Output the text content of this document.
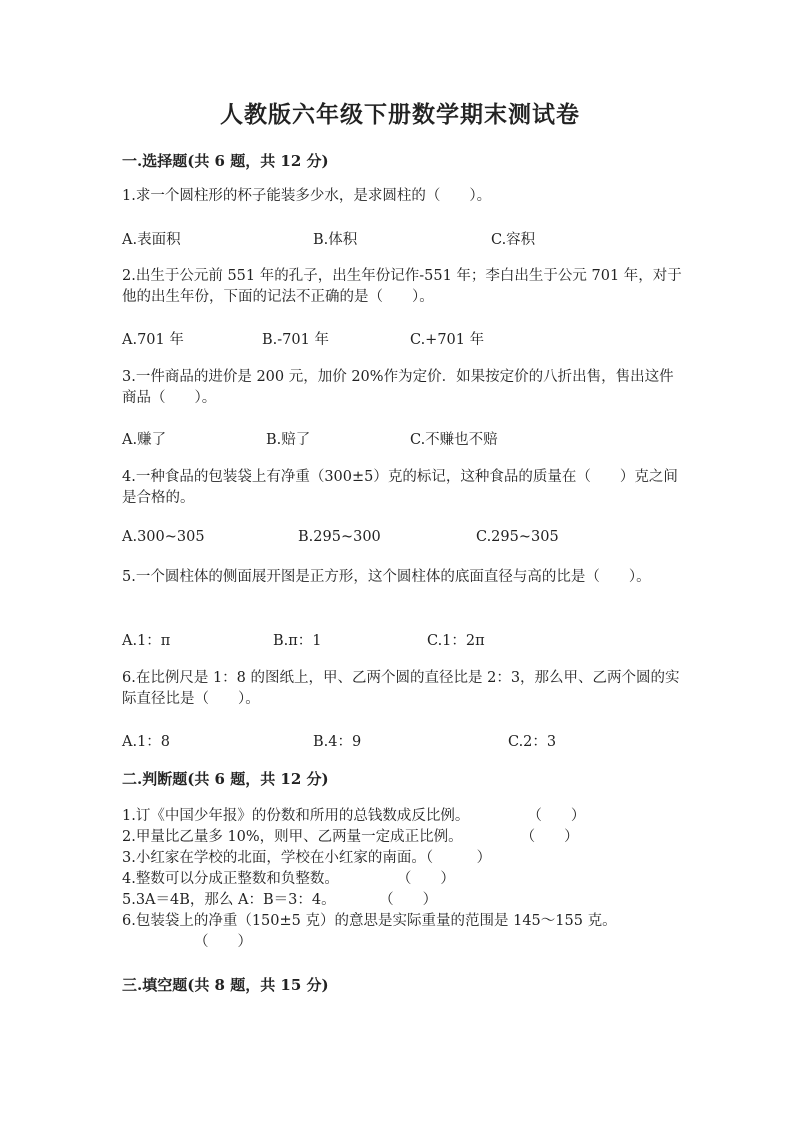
人教版六年级下册数学期末测试卷
一.选择题(共 6 题，共 12 分)

1.求一个圆柱形的杯子能装多少水，是求圆柱的（　　）。

A.表面积	B.体积	C.容积

2.出生于公元前 551 年的孔子，出生年份记作-551 年；李白出生于公元 701 年，对于他的出生年份，下面的记法不正确的是（　　）。

A.701 年	B.-701 年	C.+701 年

3.一件商品的进价是 200 元，加价 20%作为定价．如果按定价的八折出售，售出这件商品（　　）。

A.赚了	B.赔了	C.不赚也不赔

4.一种食品的包装袋上有净重（300±5）克的标记，这种食品的质量在（　　）克之间是合格的。

A.300~305	B.295~300	C.295~305

5.一个圆柱体的侧面展开图是正方形，这个圆柱体的底面直径与高的比是（　　）。

A.1：π	B.π：1	C.1：2π

6.在比例尺是 1：8 的图纸上，甲、乙两个圆的直径比是 2：3，那么甲、乙两个圆的实际直径比是（　　）。

A.1：8	B.4：9	C.2：3
二.判断题(共 6 题，共 12 分)
1.订《中国少年报》的份数和所用的总钱数成反比例。　　　　　（　　）
2.甲量比乙量多 10%，则甲、乙两量一定成正比例。　　　　　（　　）
3.小红家在学校的北面，学校在小红家的南面。（　　　）
4.整数可以分成正整数和负整数。　　　　　（　　）
5.3A＝4B，那么 A：B＝3：4。　　　　（　　）
6.包装袋上的净重（150±5 克）的意思是实际重量的范围是 145～155 克。
（　　）
三.填空题(共 8 题，共 15 分)
